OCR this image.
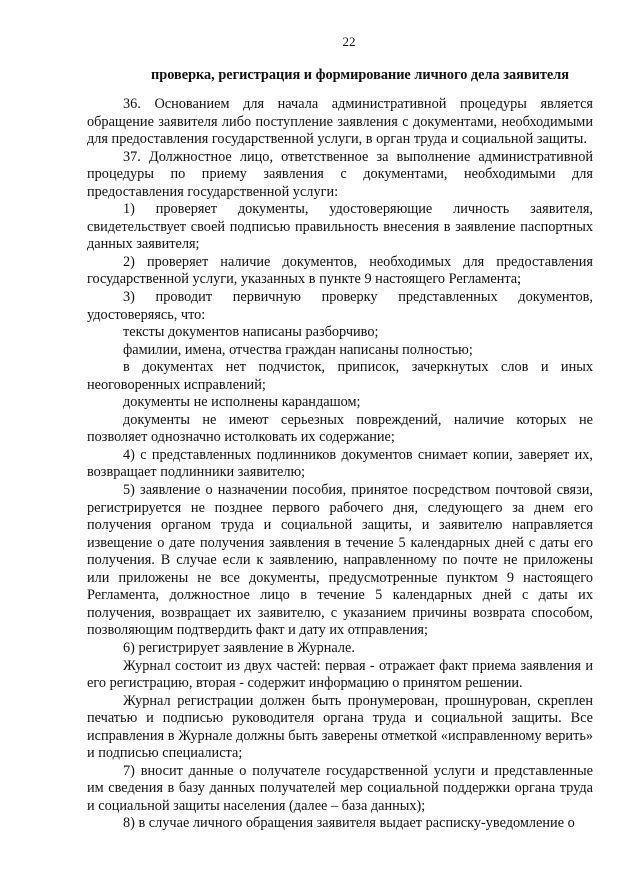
22
проверка, регистрация и формирование личного дела заявителя

36. Основанием для начала административной процедуры является обращение заявителя либо поступление заявления с документами, необходимыми для предоставления государственной услуги, в орган труда и социальной защиты.

37. Должностное лицо, ответственное за выполнение административной процедуры по приему заявления с документами, необходимыми для предоставления государственной услуги:

1) проверяет документы, удостоверяющие личность заявителя, свидетельствует своей подписью правильность внесения в заявление паспортных данных заявителя;

2) проверяет наличие документов, необходимых для предоставления государственной услуги, указанных в пункте 9 настоящего Регламента;

3) проводит первичную проверку представленных документов, удостоверяясь, что:

тексты документов написаны разборчиво;

фамилии, имена, отчества граждан написаны полностью;

в документах нет подчисток, приписок, зачеркнутых слов и иных неоговоренных исправлений;

документы не исполнены карандашом;

документы не имеют серьезных повреждений, наличие которых не позволяет однозначно истолковать их содержание;

4) с представленных подлинников документов снимает копии, заверяет их, возвращает подлинники заявителю;

5) заявление о назначении пособия, принятое посредством почтовой связи, регистрируется не позднее первого рабочего дня, следующего за днем его получения органом труда и социальной защиты, и заявителю направляется извещение о дате получения заявления в течение 5 календарных дней с даты его получения. В случае если к заявлению, направленному по почте не приложены или приложены не все документы, предусмотренные пунктом 9 настоящего Регламента, должностное лицо в течение 5 календарных дней с даты их получения, возвращает их заявителю, с указанием причины возврата способом, позволяющим подтвердить факт и дату их отправления;

6) регистрирует заявление в Журнале.

Журнал состоит из двух частей: первая - отражает факт приема заявления и его регистрацию, вторая - содержит информацию о принятом решении.

Журнал регистрации должен быть пронумерован, прошнурован, скреплен печатью и подписью руководителя органа труда и социальной защиты. Все исправления в Журнале должны быть заверены отметкой «исправленному верить» и подписью специалиста;

7) вносит данные о получателе государственной услуги и представленные им сведения в базу данных получателей мер социальной поддержки органа труда и социальной защиты населения (далее – база данных);

8) в случае личного обращения заявителя выдает расписку-уведомление о
